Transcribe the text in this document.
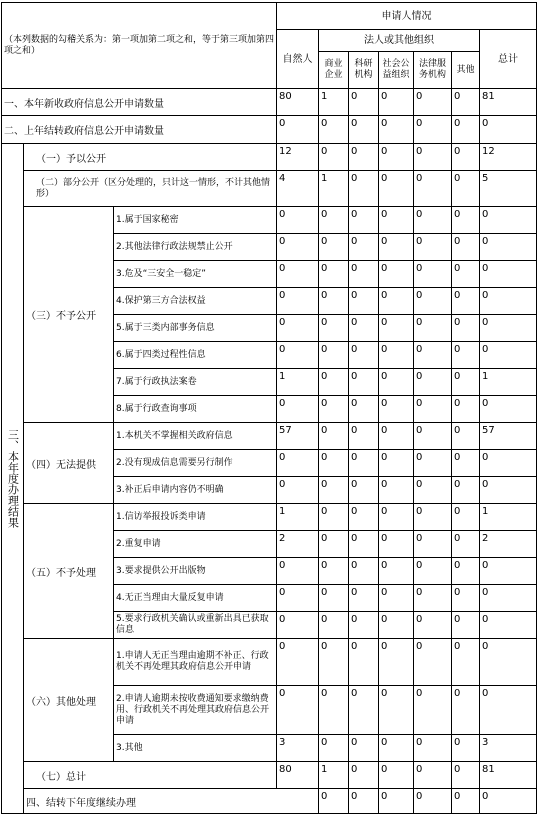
（本列数据的勾稽关系为：第一项加第二项之和，等于第三项加第四项之和）			申请人情况							
			自然人	法人或其他组织					总计	
				商业企业	科研机构	社会公益组织	法律服务机构	其他		
一、本年新收政府信息公开申请数量			80	1	0	0	0	0	81	
二、上年结转政府信息公开申请数量			0	0	0	0	0	0	0	
三、本年度办理结果	（一）予以公开		12	0	0	0	0	0	12	
	（二）部分公开（区分处理的，只计这一情形，不计其他情形）		4	1	0	0	0	0	5	
	（三）不予公开	1.属于国家秘密	0	0	0	0	0	0	0	
		2.其他法律行政法规禁止公开	0	0	0	0	0	0	0	
		3.危及“三安全一稳定”	0	0	0	0	0	0	0	
		4.保护第三方合法权益	0	0	0	0	0	0	0	
		5.属于三类内部事务信息	0	0	0	0	0	0	0	
		6.属于四类过程性信息	0	0	0	0	0	0	0	
		7.属于行政执法案卷	1	0	0	0	0	0	1	
		8.属于行政查询事项	0	0	0	0	0	0	0	
	（四）无法提供	1.本机关不掌握相关政府信息	57	0	0	0	0	0	57	
		2.没有现成信息需要另行制作	0	0	0	0	0	0	0	
		3.补正后申请内容仍不明确	0	0	0	0	0	0	0	
	（五）不予处理	1.信访举报投诉类申请	1	0	0	0	0	0	1	
		2.重复申请	2	0	0	0	0	0	2	
		3.要求提供公开出版物	0	0	0	0	0	0	0	
		4.无正当理由大量反复申请	0	0	0	0	0	0	0	
		5.要求行政机关确认或重新出具已获取信息	0	0	0	0	0	0	0	
	（六）其他处理	1.申请人无正当理由逾期不补正、行政机关不再处理其政府信息公开申请	0	0	0	0	0	0	0	
		2.申请人逾期未按收费通知要求缴纳费用、行政机关不再处理其政府信息公开申请	0	0	0	0	0	0	0	
		3.其他	3	0	0	0	0	0	3	
	（七）总计		80	1	0	0	0	0	81	
	四、结转下年度继续办理			0	0	0	0	0	0	
